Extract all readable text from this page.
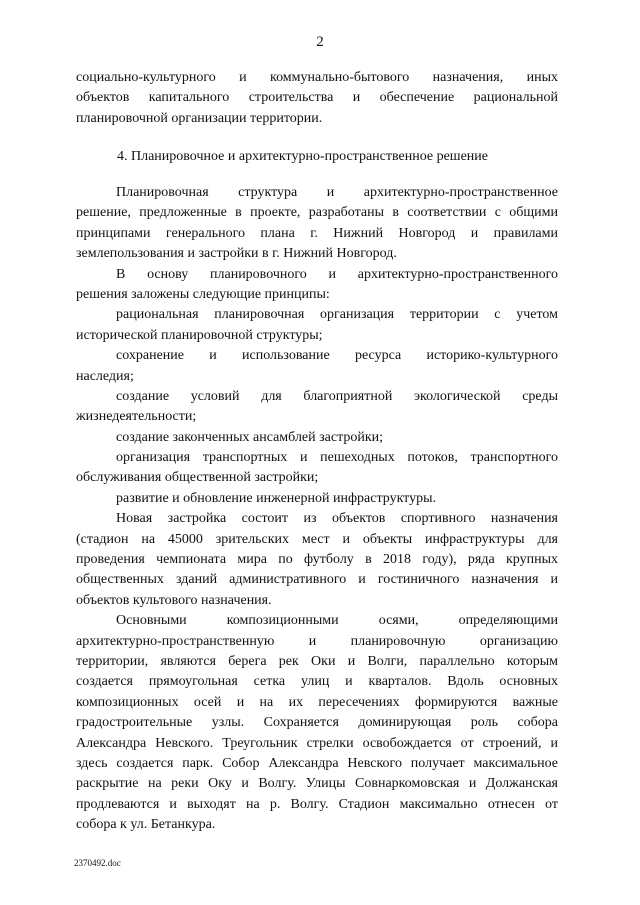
2
социально-культурного и коммунально-бытового назначения, иных
объектов капитального строительства и обеспечение рациональной
планировочной организации территории.
4. Планировочное и архитектурно-пространственное решение
Планировочная структура и архитектурно-пространственное
решение, предложенные в проекте, разработаны в соответствии с общими
принципами генерального плана г. Нижний Новгород и правилами
землепользования и застройки в г. Нижний Новгород.
В основу планировочного и архитектурно-пространственного
решения заложены следующие принципы:
рациональная планировочная организация территории с учетом
исторической планировочной структуры;
сохранение и использование ресурса историко-культурного
наследия;
создание условий для благоприятной экологической среды
жизнедеятельности;
создание законченных ансамблей застройки;
организация транспортных и пешеходных потоков, транспортного
обслуживания общественной застройки;
развитие и обновление инженерной инфраструктуры.
Новая застройка состоит из объектов спортивного назначения
(стадион на 45000 зрительских мест и объекты инфраструктуры для
проведения чемпионата мира по футболу в 2018 году), ряда крупных
общественных зданий административного и гостиничного назначения и
объектов культового назначения.
Основными композиционными осями, определяющими
архитектурно-пространственную и планировочную организацию
территории, являются берега рек Оки и Волги, параллельно которым
создается прямоугольная сетка улиц и кварталов. Вдоль основных
композиционных осей и на их пересечениях формируются важные
градостроительные узлы. Сохраняется доминирующая роль собора
Александра Невского. Треугольник стрелки освобождается от строений, и
здесь создается парк. Собор Александра Невского получает максимальное
раскрытие на реки Оку и Волгу. Улицы Совнаркомовская и Должанская
продлеваются и выходят на р. Волгу. Стадион максимально отнесен от
собора к ул. Бетанкура.
2370492.doc
